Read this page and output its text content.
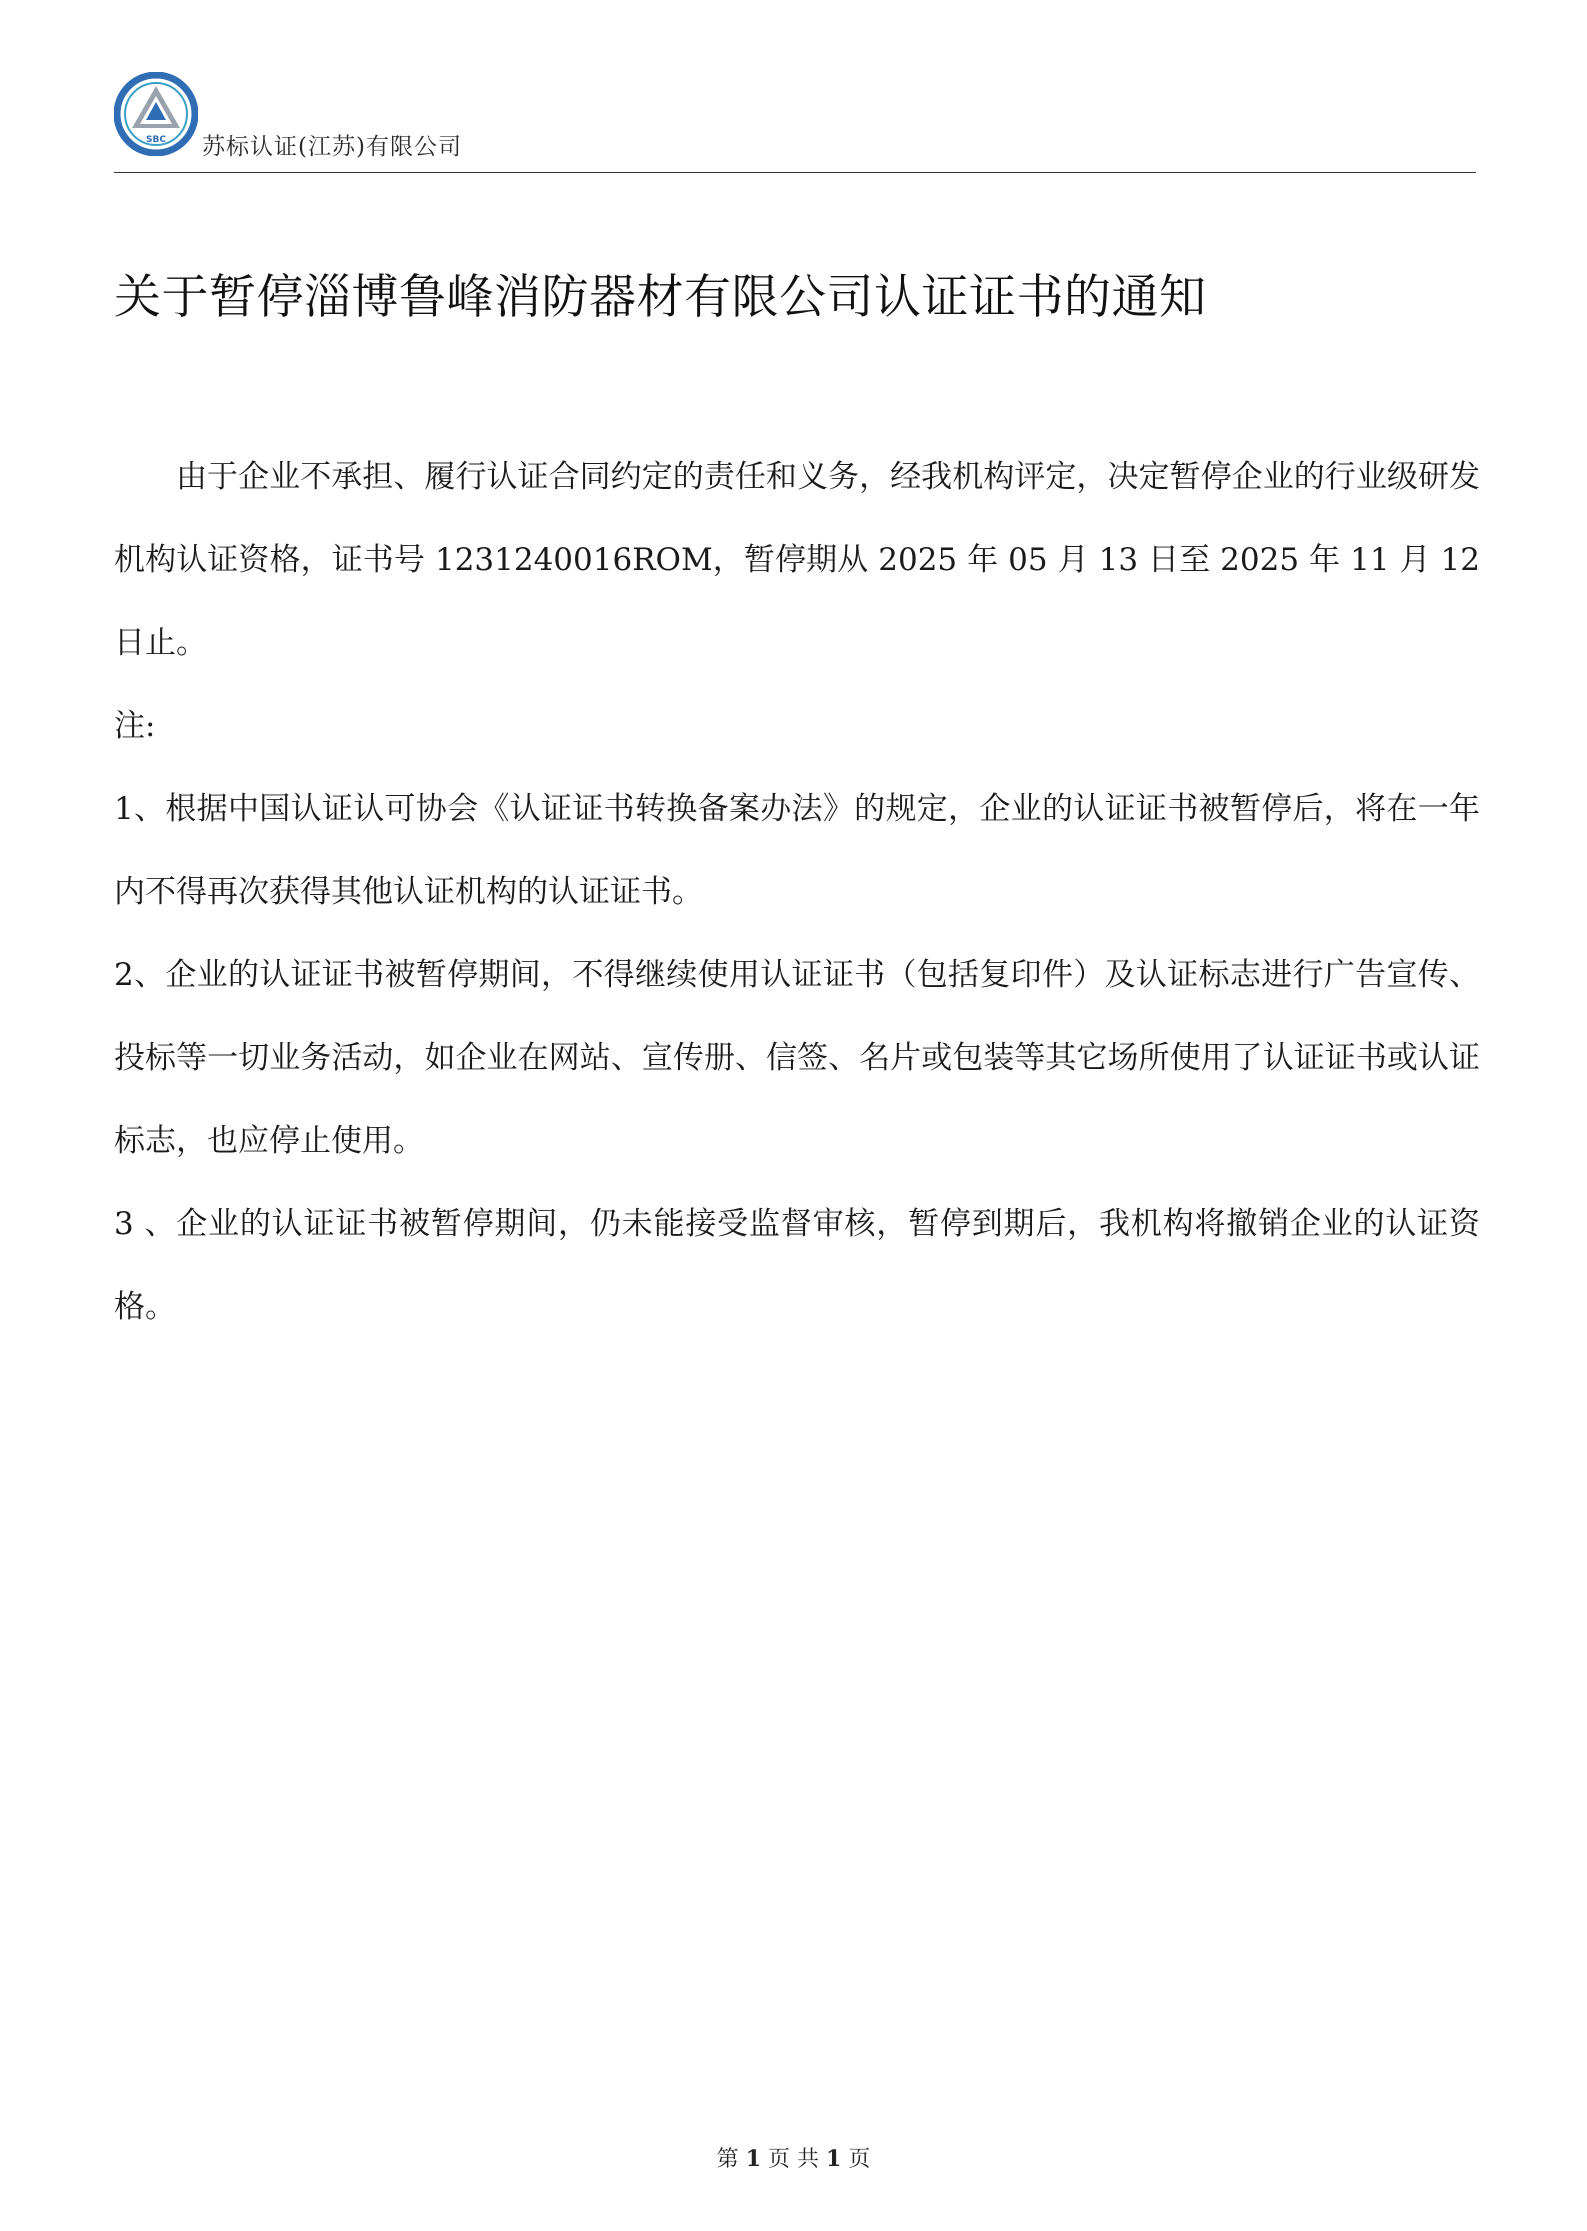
SBC 苏标认证(江苏)有限公司
关于暂停淄博鲁峰消防器材有限公司认证证书的通知

由于企业不承担、履行认证合同约定的责任和义务，经我机构评定，决定暂停企业的行业级研发机构认证资格，证书号 1231240016ROM，暂停期从 2025 年 05 月 13 日至 2025 年 11 月 12 日止。

注:

1、根据中国认证认可协会《认证证书转换备案办法》的规定，企业的认证证书被暂停后，将在一年内不得再次获得其他认证机构的认证证书。

2、企业的认证证书被暂停期间，不得继续使用认证证书（包括复印件）及认证标志进行广告宣传、投标等一切业务活动，如企业在网站、宣传册、信签、名片或包装等其它场所使用了认证证书或认证标志，也应停止使用。

3 、企业的认证证书被暂停期间，仍未能接受监督审核，暂停到期后，我机构将撤销企业的认证资格。

第 1 页 共 1 页
